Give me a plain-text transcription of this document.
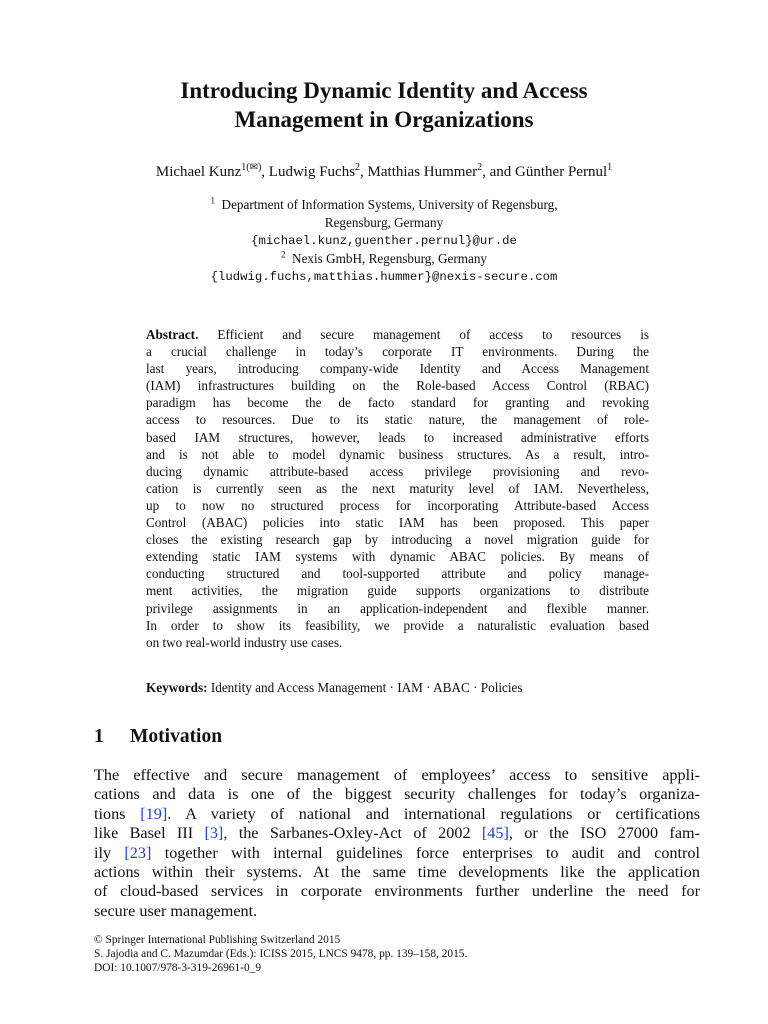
Introducing Dynamic Identity and Access
Management in Organizations
Michael Kunz$^{1(✉)}$, Ludwig Fuchs$^2$, Matthias Hummer$^2$, and Günther Pernul$^1$
$^1$ Department of Information Systems, University of Regensburg,
Regensburg, Germany
{michael.kunz,guenther.pernul}@ur.de
$^2$ Nexis GmbH, Regensburg, Germany
{ludwig.fuchs,matthias.hummer}@nexis-secure.com
Abstract. Efficient and secure management of access to resources is
a crucial challenge in today’s corporate IT environments. During the
last years, introducing company-wide Identity and Access Management
(IAM) infrastructures building on the Role-based Access Control (RBAC)
paradigm has become the de facto standard for granting and revoking
access to resources. Due to its static nature, the management of role-
based IAM structures, however, leads to increased administrative efforts
and is not able to model dynamic business structures. As a result, intro-
ducing dynamic attribute-based access privilege provisioning and revo-
cation is currently seen as the next maturity level of IAM. Nevertheless,
up to now no structured process for incorporating Attribute-based Access
Control (ABAC) policies into static IAM has been proposed. This paper
closes the existing research gap by introducing a novel migration guide for
extending static IAM systems with dynamic ABAC policies. By means of
conducting structured and tool-supported attribute and policy manage-
ment activities, the migration guide supports organizations to distribute
privilege assignments in an application-independent and flexible manner.
In order to show its feasibility, we provide a naturalistic evaluation based
on two real-world industry use cases.
Keywords: Identity and Access Management · IAM · ABAC · Policies
1 Motivation
The effective and secure management of employees’ access to sensitive appli-
cations and data is one of the biggest security challenges for today’s organiza-
tions [19]. A variety of national and international regulations or certifications
like Basel III [3], the Sarbanes-Oxley-Act of 2002 [45], or the ISO 27000 fam-
ily [23] together with internal guidelines force enterprises to audit and control
actions within their systems. At the same time developments like the application
of cloud-based services in corporate environments further underline the need for
secure user management.
© Springer International Publishing Switzerland 2015
S. Jajodia and C. Mazumdar (Eds.): ICISS 2015, LNCS 9478, pp. 139–158, 2015.
DOI: 10.1007/978-3-319-26961-0_9
